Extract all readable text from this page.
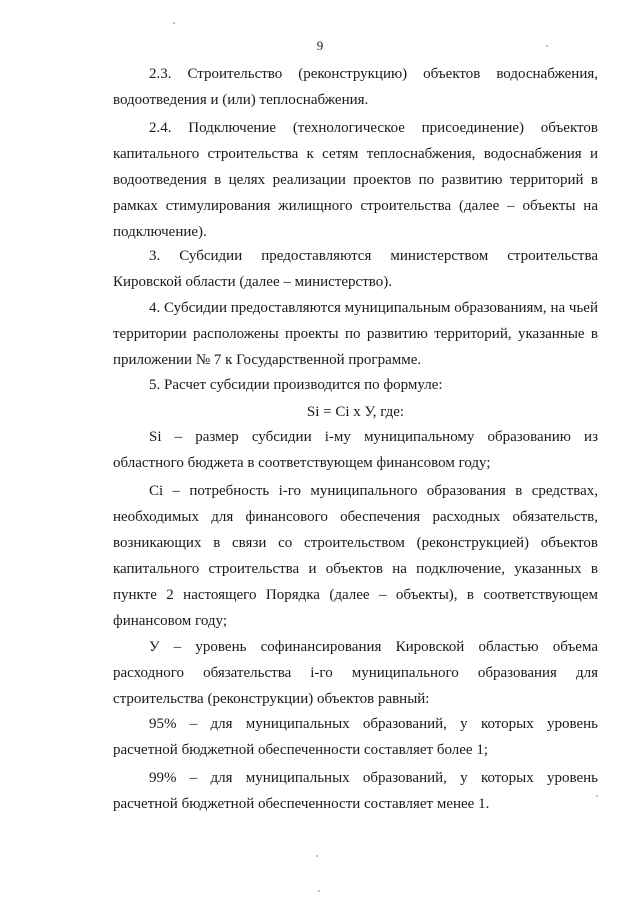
9

2.3. Строительство (реконструкцию) объектов водоснабжения, водоотведения и (или) теплоснабжения.

2.4. Подключение (технологическое присоединение) объектов капитального строительства к сетям теплоснабжения, водоснабжения и водоотведения в целях реализации проектов по развитию территорий в рамках стимулирования жилищного строительства (далее – объекты на подключение).

3. Субсидии предоставляются министерством строительства Кировской области (далее – министерство).

4. Субсидии предоставляются муниципальным образованиям, на чьей территории расположены проекты по развитию территорий, указанные в приложении № 7 к Государственной программе.

5. Расчет субсидии производится по формуле:

Si = Ci х У, где:

Si – размер субсидии i-му муниципальному образованию из областного бюджета в соответствующем финансовом году;

Ci – потребность i-го муниципального образования в средствах, необходимых для финансового обеспечения расходных обязательств, возникающих в связи со строительством (реконструкцией) объектов капитального строительства и объектов на подключение, указанных в пункте 2 настоящего Порядка (далее – объекты), в соответствующем финансовом году;

У – уровень софинансирования Кировской областью объема расходного обязательства i-го муниципального образования для строительства (реконструкции) объектов равный:

95% – для муниципальных образований, у которых уровень расчетной бюджетной обеспеченности составляет более 1;

99% – для муниципальных образований, у которых уровень расчетной бюджетной обеспеченности составляет менее 1.
